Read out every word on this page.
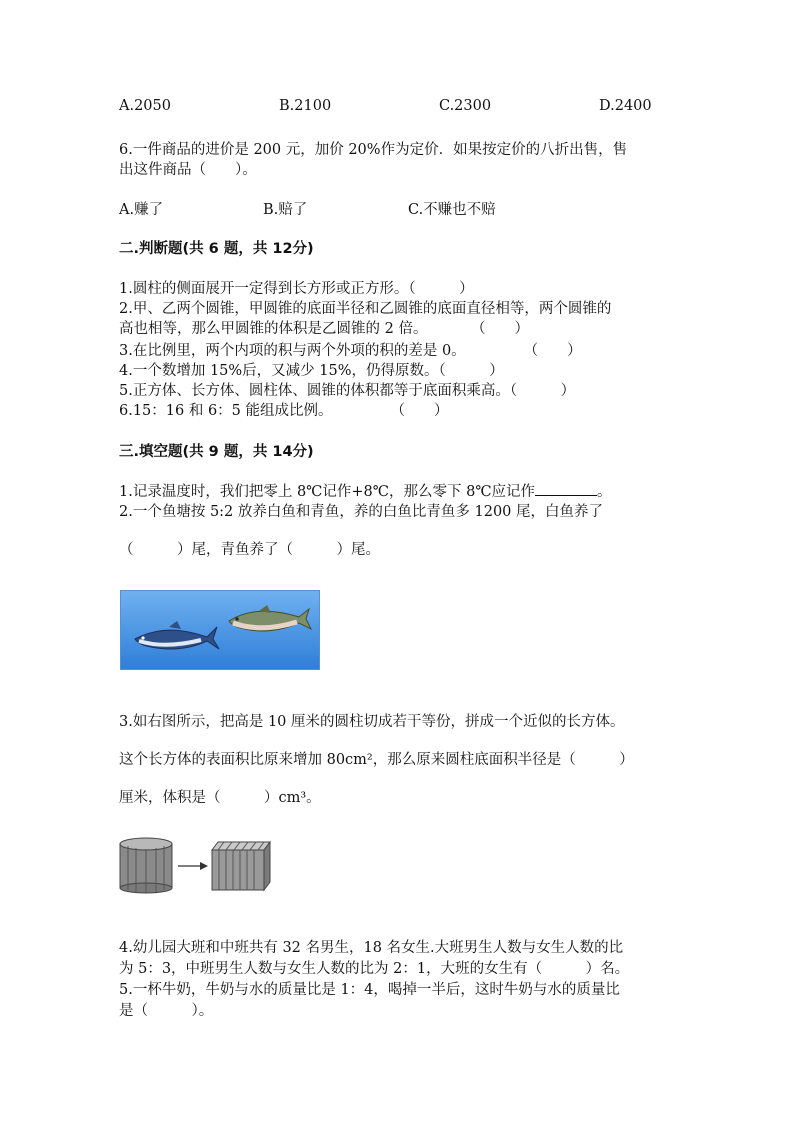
A.2050	B.2100	C.2300	D.2400
6.一件商品的进价是 200 元，加价 20%作为定价．如果按定价的八折出售，售
出这件商品（　　）。
A.赚了	B.赔了	C.不赚也不赔
二.判断题(共 6 题，共 12分)
1.圆柱的侧面展开一定得到长方形或正方形。（　　　）
2.甲、乙两个圆锥，甲圆锥的底面半径和乙圆锥的底面直径相等，两个圆锥的
高也相等，那么甲圆锥的体积是乙圆锥的 2 倍。　　　　（　　）
3.在比例里，两个内项的积与两个外项的积的差是 0。　　　　　（　　）
4.一个数增加 15%后，又减少 15%，仍得原数。（　　　）
5.正方体、长方体、圆柱体、圆锥的体积都等于底面积乘高。（　　　）
6.15：16 和 6：5 能组成比例。　　　　　（　　）
三.填空题(共 9 题，共 14分)
1.记录温度时，我们把零上 8℃记作+8℃，那么零下 8℃应记作	。
2.一个鱼塘按 5:2 放养白鱼和青鱼，养的白鱼比青鱼多 1200 尾，白鱼养了
（　　　）尾，青鱼养了（　　　）尾。
3.如右图所示，把高是 10 厘米的圆柱切成若干等份，拼成一个近似的长方体。
这个长方体的表面积比原来增加 80cm²，那么原来圆柱底面积半径是（　　　）
厘米，体积是（　　　）cm³。
4.幼儿园大班和中班共有 32 名男生，18 名女生.大班男生人数与女生人数的比
为 5：3，中班男生人数与女生人数的比为 2：1，大班的女生有（　　　）名。
5.一杯牛奶，牛奶与水的质量比是 1：4，喝掉一半后，这时牛奶与水的质量比
是（　　　）。
